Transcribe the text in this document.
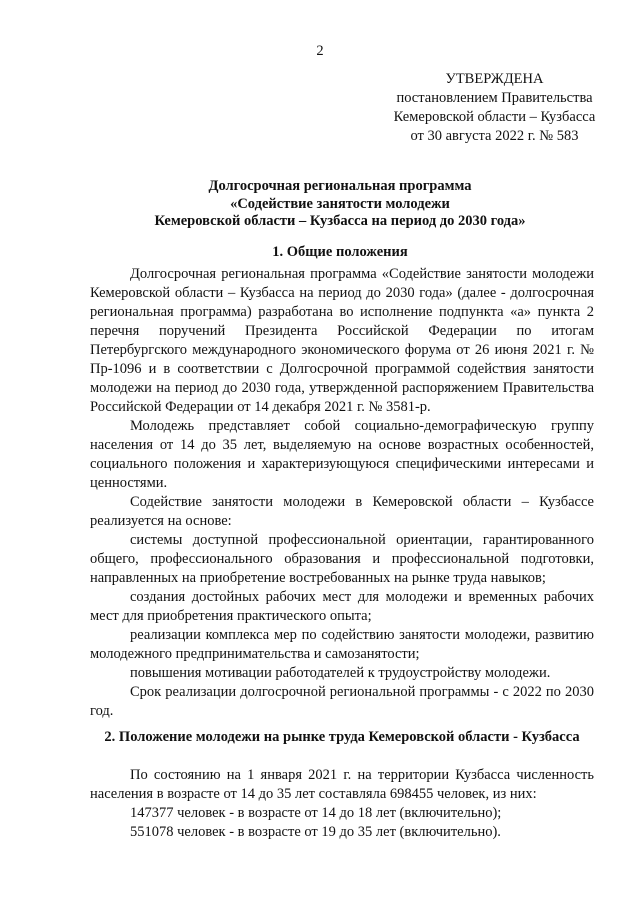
2
УТВЕРЖДЕНА
постановлением Правительства
Кемеровской области – Кузбасса
от 30 августа 2022 г. № 583
Долгосрочная региональная программа
«Содействие занятости молодежи
Кемеровской области – Кузбасса на период до 2030 года»
1. Общие положения

Долгосрочная региональная программа «Содействие занятости молодежи Кемеровской области – Кузбасса на период до 2030 года» (далее - долгосрочная региональная программа) разработана во исполнение подпункта «а» пункта 2 перечня поручений Президента Российской Федерации по итогам Петербургского международного экономического форума от 26 июня 2021 г. № Пр-1096 и в соответствии с Долгосрочной программой содействия занятости молодежи на период до 2030 года, утвержденной распоряжением Правительства Российской Федерации от 14 декабря 2021 г. № 3581-р.

Молодежь представляет собой социально-демографическую группу населения от 14 до 35 лет, выделяемую на основе возрастных особенностей, социального положения и характеризующуюся специфическими интересами и ценностями.

Содействие занятости молодежи в Кемеровской области – Кузбассе реализуется на основе:

системы доступной профессиональной ориентации, гарантированного общего, профессионального образования и профессиональной подготовки, направленных на приобретение востребованных на рынке труда навыков;

создания достойных рабочих мест для молодежи и временных рабочих мест для приобретения практического опыта;

реализации комплекса мер по содействию занятости молодежи, развитию молодежного предпринимательства и самозанятости;

повышения мотивации работодателей к трудоустройству молодежи.

Срок реализации долгосрочной региональной программы - с 2022 по 2030 год.

2. Положение молодежи на рынке труда Кемеровской области - Кузбасса

По состоянию на 1 января 2021 г. на территории Кузбасса численность населения в возрасте от 14 до 35 лет составляла 698455 человек, из них:

147377 человек - в возрасте от 14 до 18 лет (включительно);

551078 человек - в возрасте от 19 до 35 лет (включительно).
